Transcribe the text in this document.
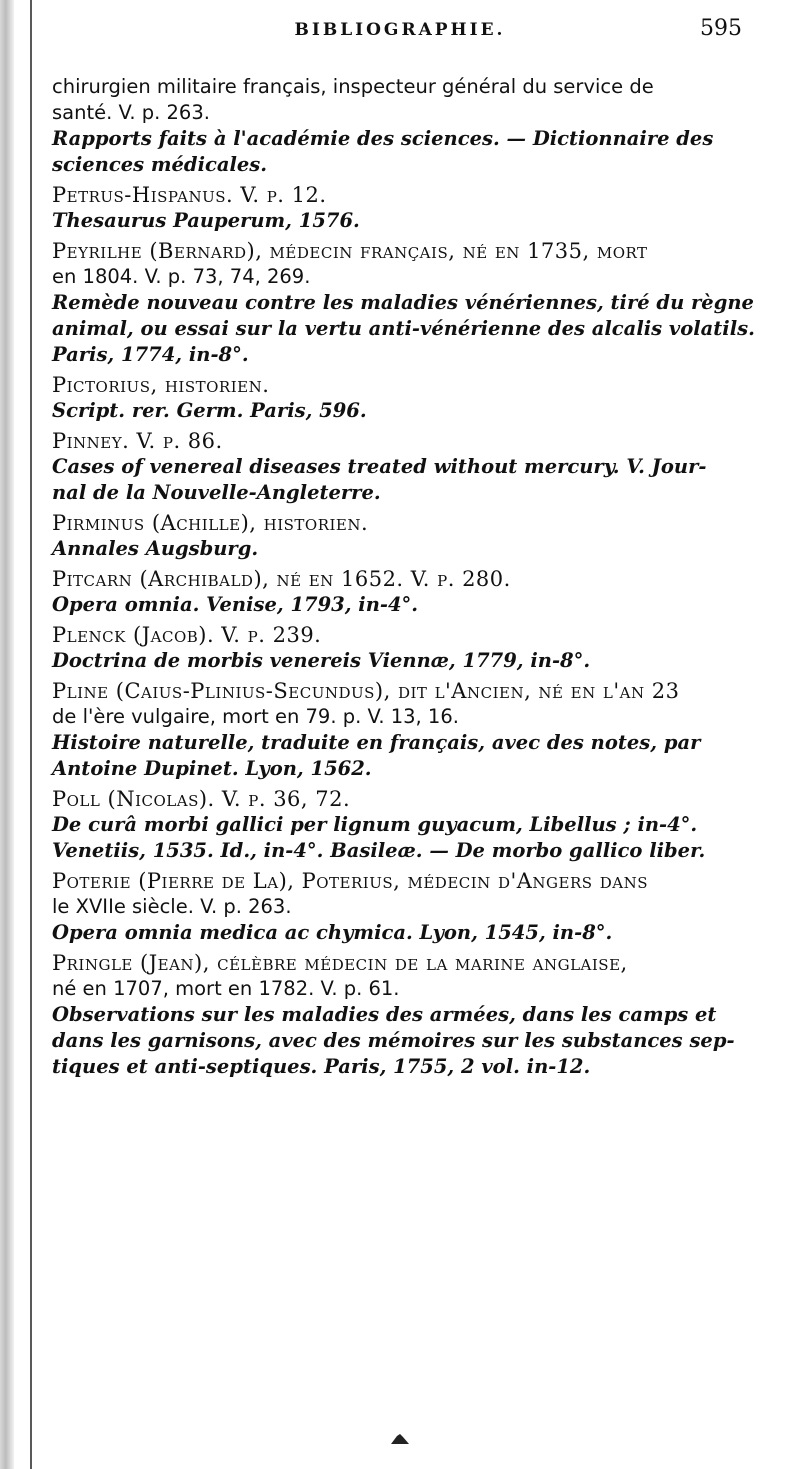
BIBLIOGRAPHIE.	595
chirurgien militaire français, inspecteur général du service de
santé. V. p. 263.
Rapports faits à l'académie des sciences. — Dictionnaire des
sciences médicales.
Petrus-Hispanus. V. p. 12.
Thesaurus Pauperum, 1576.
Peyrilhe (Bernard), médecin français, né en 1735, mort
en 1804. V. p. 73, 74, 269.
Remède nouveau contre les maladies vénériennes, tiré du règne
animal, ou essai sur la vertu anti-vénérienne des alcalis volatils.
Paris, 1774, in-8°.
Pictorius, historien.
Script. rer. Germ. Paris, 596.
Pinney. V. p. 86.
Cases of venereal diseases treated without mercury. V. Jour-
nal de la Nouvelle-Angleterre.
Pirminus (Achille), historien.
Annales Augsburg.
Pitcarn (Archibald), né en 1652. V. p. 280.
Opera omnia. Venise, 1793, in-4°.
Plenck (Jacob). V. p. 239.
Doctrina de morbis venereis Viennæ, 1779, in-8°.
Pline (Caius-Plinius-Secundus), dit l'Ancien, né en l'an 23
de l'ère vulgaire, mort en 79. p. V. 13, 16.
Histoire naturelle, traduite en français, avec des notes, par
Antoine Dupinet. Lyon, 1562.
Poll (Nicolas). V. p. 36, 72.
De curâ morbi gallici per lignum guyacum, Libellus ; in-4°.
Venetiis, 1535. Id., in-4°. Basileæ. — De morbo gallico liber.
Poterie (Pierre de La), Poterius, médecin d'Angers dans
le XVIIe siècle. V. p. 263.
Opera omnia medica ac chymica. Lyon, 1545, in-8°.
Pringle (Jean), célèbre médecin de la marine anglaise,
né en 1707, mort en 1782. V. p. 61.
Observations sur les maladies des armées, dans les camps et
dans les garnisons, avec des mémoires sur les substances sep-
tiques et anti-septiques. Paris, 1755, 2 vol. in-12.
